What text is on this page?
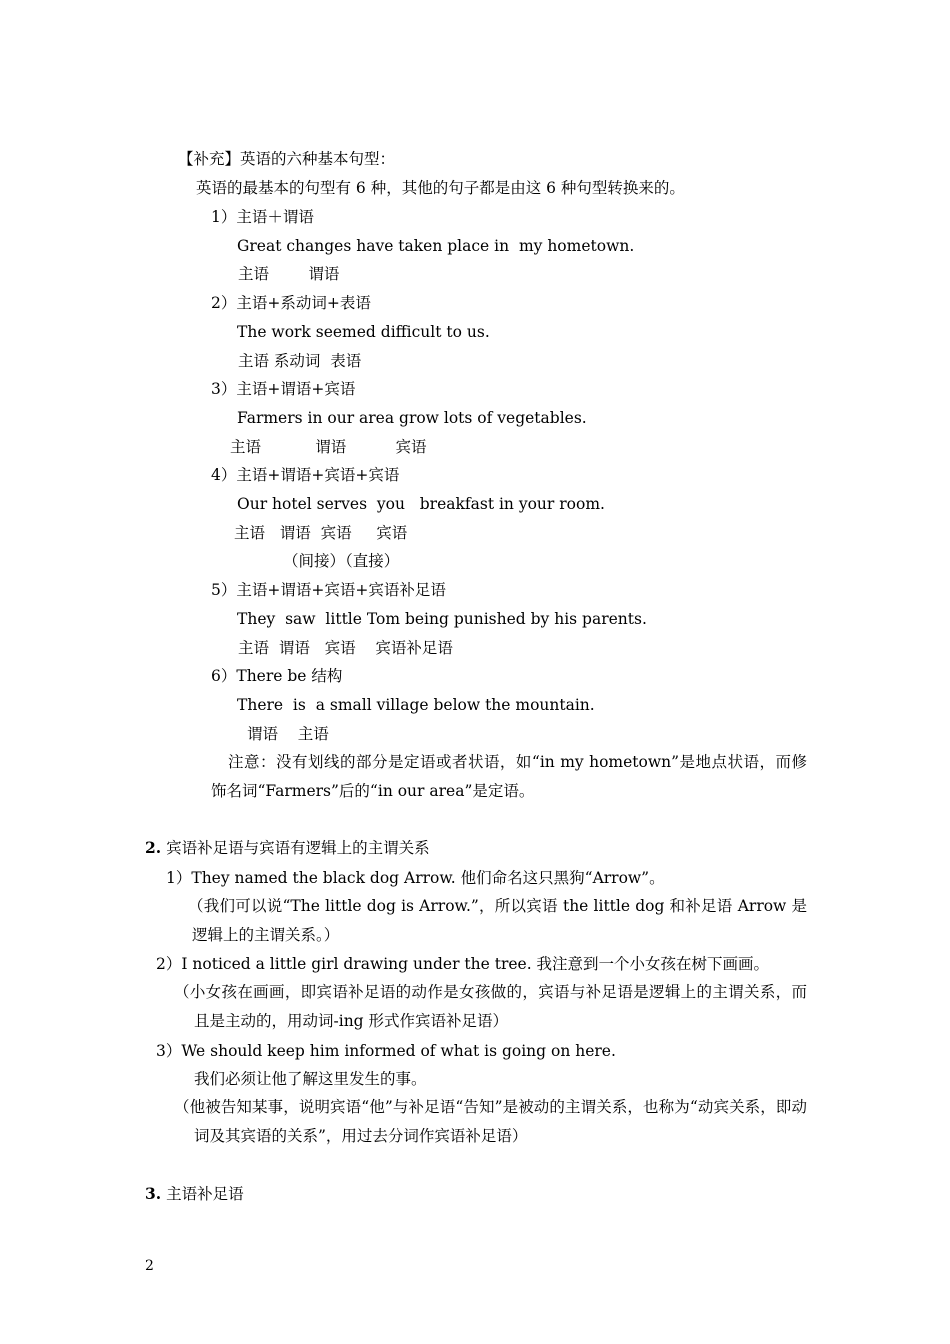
【补充】英语的六种基本句型：
英语的最基本的句型有 6 种，其他的句子都是由这 6 种句型转换来的。
1）主语＋谓语
Great changes have taken place in  my hometown.
主语        谓语
2）主语+系动词+表语
The work seemed difficult to us.
主语 系动词  表语
3）主语+谓语+宾语
Farmers in our area grow lots of vegetables.
主语           谓语          宾语
4）主语+谓语+宾语+宾语
Our hotel serves  you   breakfast in your room.
主语   谓语  宾语     宾语
（间接）（直接）
5）主语+谓语+宾语+宾语补足语
They  saw  little Tom being punished by his parents.
主语  谓语   宾语    宾语补足语
6）There be 结构
There  is  a small village below the mountain.
谓语    主语
注意：没有划线的部分是定语或者状语，如“in my hometown”是地点状语，而修饰名词“Farmers”后的“in our area”是定语。
2. 宾语补足语与宾语有逻辑上的主谓关系
1）They named the black dog Arrow. 他们命名这只黑狗“Arrow”。
（我们可以说“The little dog is Arrow.”，所以宾语 the little dog 和补足语 Arrow 是逻辑上的主谓关系。）
2）I noticed a little girl drawing under the tree. 我注意到一个小女孩在树下画画。
（小女孩在画画，即宾语补足语的动作是女孩做的，宾语与补足语是逻辑上的主谓关系，而且是主动的，用动词-ing 形式作宾语补足语）
3）We should keep him informed of what is going on here.
我们必须让他了解这里发生的事。
（他被告知某事，说明宾语“他”与补足语“告知”是被动的主谓关系，也称为“动宾关系，即动词及其宾语的关系”，用过去分词作宾语补足语）
3. 主语补足语
2
